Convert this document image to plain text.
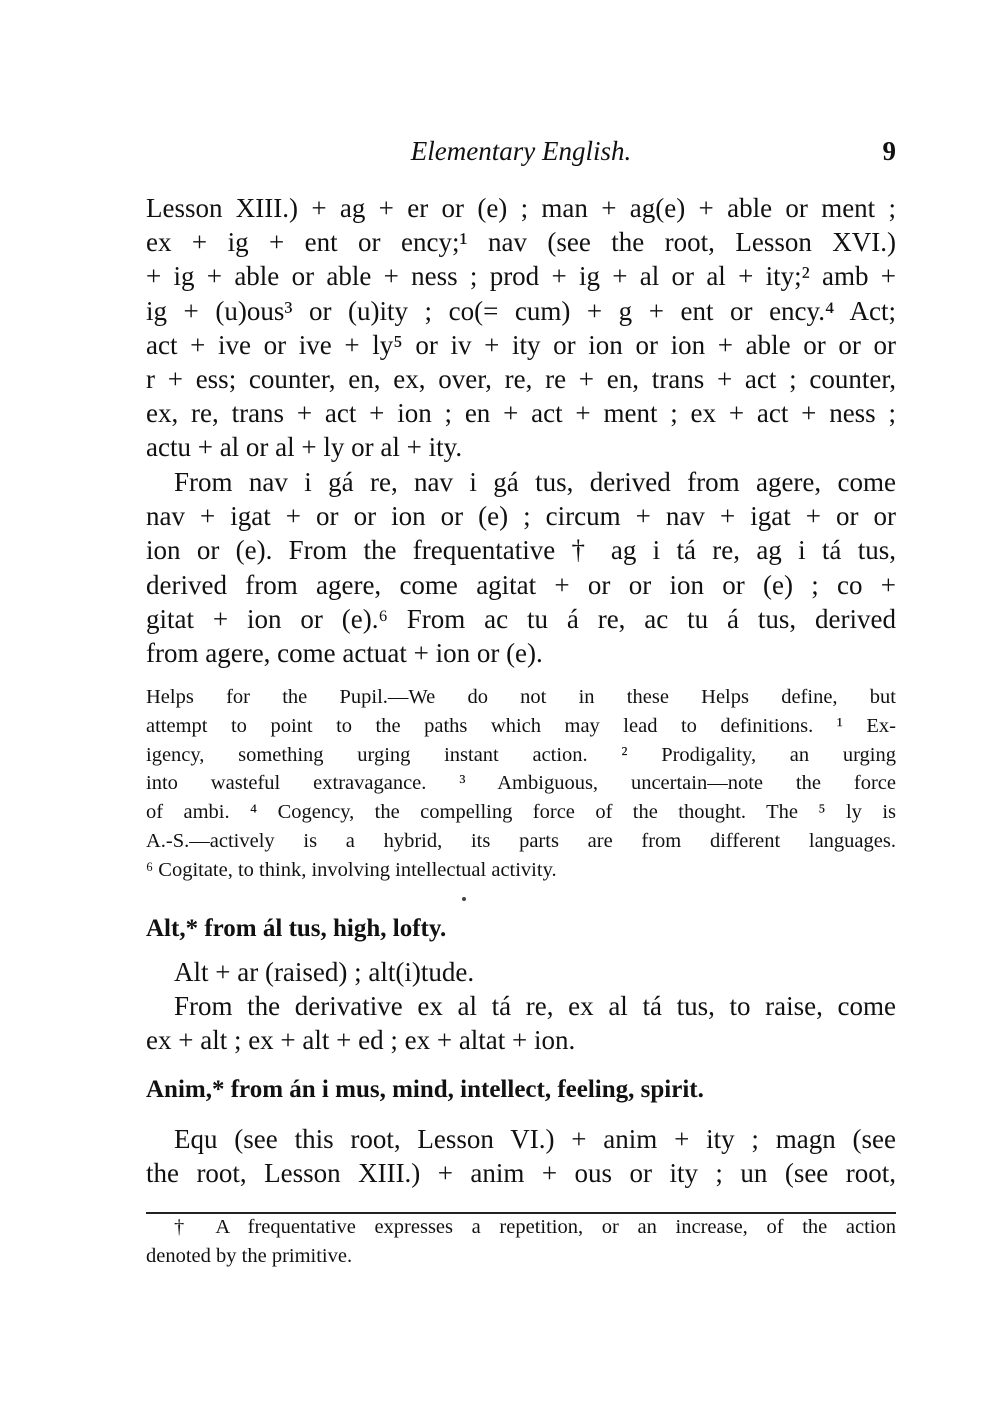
Elementary English.	9
Lesson XIII.) + ag + er or (e) ; man + ag(e) + able or ment ;
ex + ig + ent or ency;¹ nav (see the root, Lesson XVI.)
+ ig + able or able + ness ; prod + ig + al or al + ity;² amb +
ig + (u)ous³ or (u)ity ; co(= cum) + g + ent or ency.⁴ Act;
act + ive or ive + ly⁵ or iv + ity or ion or ion + able or or or
r + ess; counter, en, ex, over, re, re + en, trans + act ; counter,
ex, re, trans + act + ion ; en + act + ment ; ex + act + ness ;
actu + al or al + ly or al + ity.
From nav i gá re, nav i gá tus, derived from agere, come
nav + igat + or or ion or (e) ; circum + nav + igat + or or
ion or (e). From the frequentative † ag i tá re, ag i tá tus,
derived from agere, come agitat + or or ion or (e) ; co +
gitat + ion or (e).⁶ From ac tu á re, ac tu á tus, derived
from agere, come actuat + ion or (e).
Helps for the Pupil.—We do not in these Helps define, but
attempt to point to the paths which may lead to definitions. ¹ Ex-
igency, something urging instant action. ² Prodigality, an urging
into wasteful extravagance. ³ Ambiguous, uncertain—note the force
of ambi. ⁴ Cogency, the compelling force of the thought. The ⁵ ly is
A.-S.—actively is a hybrid, its parts are from different languages.
⁶ Cogitate, to think, involving intellectual activity.
Alt,* from ál tus, high, lofty.
Alt + ar (raised) ; alt(i)tude.
From the derivative ex al tá re, ex al tá tus, to raise, come
ex + alt ; ex + alt + ed ; ex + altat + ion.
Anim,* from án i mus, mind, intellect, feeling, spirit.
Equ (see this root, Lesson VI.) + anim + ity ; magn (see
the root, Lesson XIII.) + anim + ous or ity ; un (see root,
† A frequentative expresses a repetition, or an increase, of the action
denoted by the primitive.
